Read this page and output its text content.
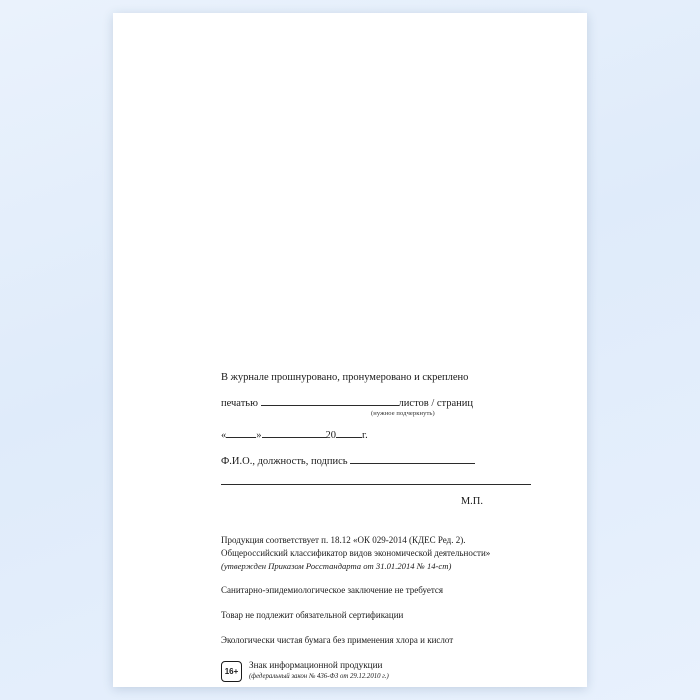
В журнале прошнуровано, пронумеровано и скреплено
печатью	листов / страниц
(нужное подчеркнуть)
«	»	20 г.
Ф.И.О., должность, подпись
М.П.
Продукция соответствует п. 18.12 «ОК 029-2014 (КДЕС Ред. 2).
Общероссийский классификатор видов экономической деятельности»
(утвержден Приказом Росстандарта от 31.01.2014 № 14-ст)
Санитарно-эпидемиологическое заключение не требуется
Товар не подлежит обязательной сертификации
Экологически чистая бумага без применения хлора и кислот
16+
Знак информационной продукции
(федеральный закон № 436-ФЗ от 29.12.2010 г.)
